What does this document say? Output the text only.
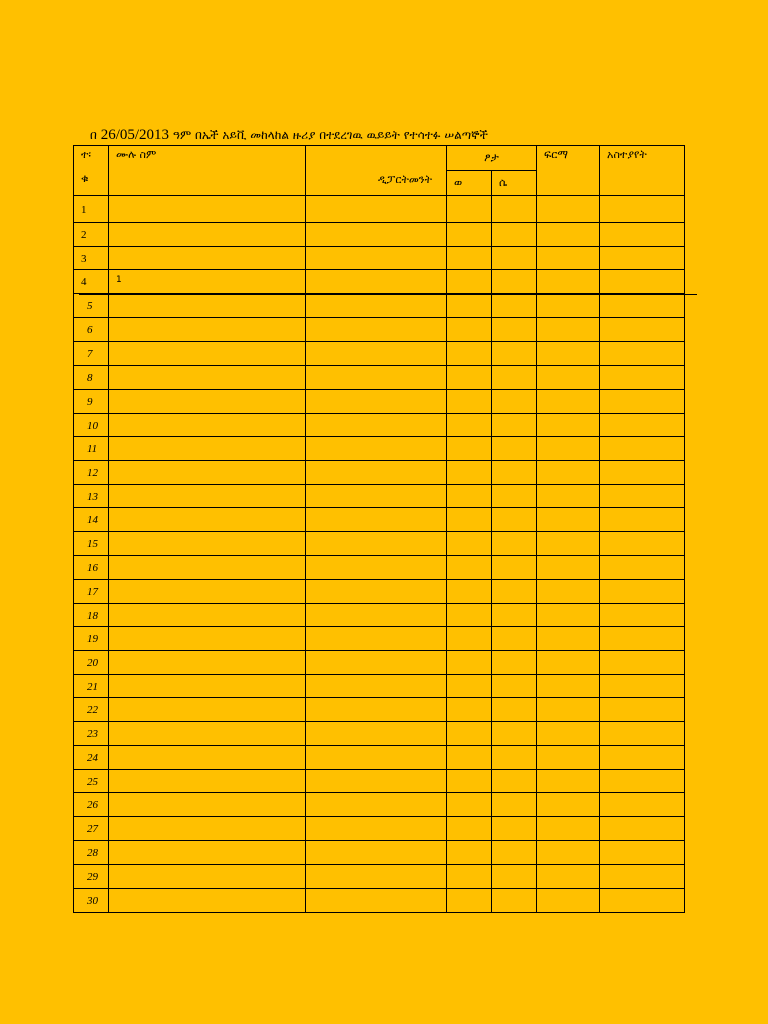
በ 26/05/2013 ዓም በኤች አይቪ መከላከል ዙሪያ በተደረገዉ ዉይይት የተሳተፉ ሠልጣኞች
ተ፡
ቁ	ሙሉ ስም	ዲፓርትመንት	ፆታ		ፍርማ	አስተያየት
			ወ	ሴ		
1						
2						
3						
4	$^1$					
5						
6						
7						
8						
9						
10						
11						
12						
13						
14						
15						
16						
17						
18						
19						
20						
21						
22						
23						
24						
25						
26						
27						
28						
29						
30						
